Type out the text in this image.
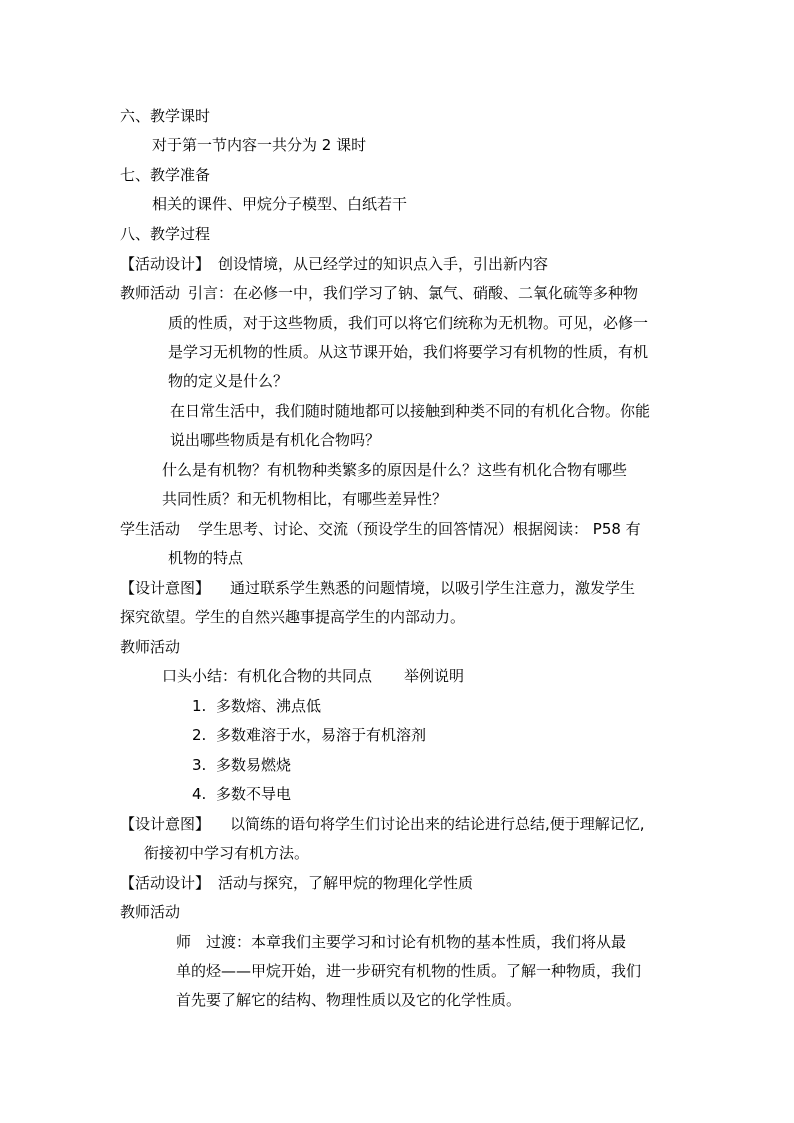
六、教学课时
对于第一节内容一共分为 2 课时
七、教学准备
相关的课件、甲烷分子模型、白纸若干
八、教学过程
【活动设计】 创设情境，从已经学过的知识点入手，引出新内容
教师活动 引言：在必修一中，我们学习了钠、氯气、硝酸、二氧化硫等多种物
质的性质，对于这些物质，我们可以将它们统称为无机物。可见，必修一
是学习无机物的性质。从这节课开始，我们将要学习有机物的性质，有机
物的定义是什么？
在日常生活中，我们随时随地都可以接触到种类不同的有机化合物。你能
说出哪些物质是有机化合物吗？
什么是有机物？有机物种类繁多的原因是什么？这些有机化合物有哪些
共同性质？和无机物相比，有哪些差异性？
学生活动 学生思考、讨论、交流（预设学生的回答情况）根据阅读： P58 有
机物的特点
【设计意图】 通过联系学生熟悉的问题情境，以吸引学生注意力，激发学生
探究欲望。学生的自然兴趣事提高学生的内部动力。
教师活动
口头小结：有机化合物的共同点 举例说明
1. 多数熔、沸点低
2. 多数难溶于水，易溶于有机溶剂
3. 多数易燃烧
4. 多数不导电
【设计意图】 以简练的语句将学生们讨论出来的结论进行总结,便于理解记忆,
衔接初中学习有机方法。
【活动设计】 活动与探究，了解甲烷的物理化学性质
教师活动
师　过渡：本章我们主要学习和讨论有机物的基本性质，我们将从最
单的烃——甲烷开始，进一步研究有机物的性质。了解一种物质，我们
首先要了解它的结构、物理性质以及它的化学性质。
